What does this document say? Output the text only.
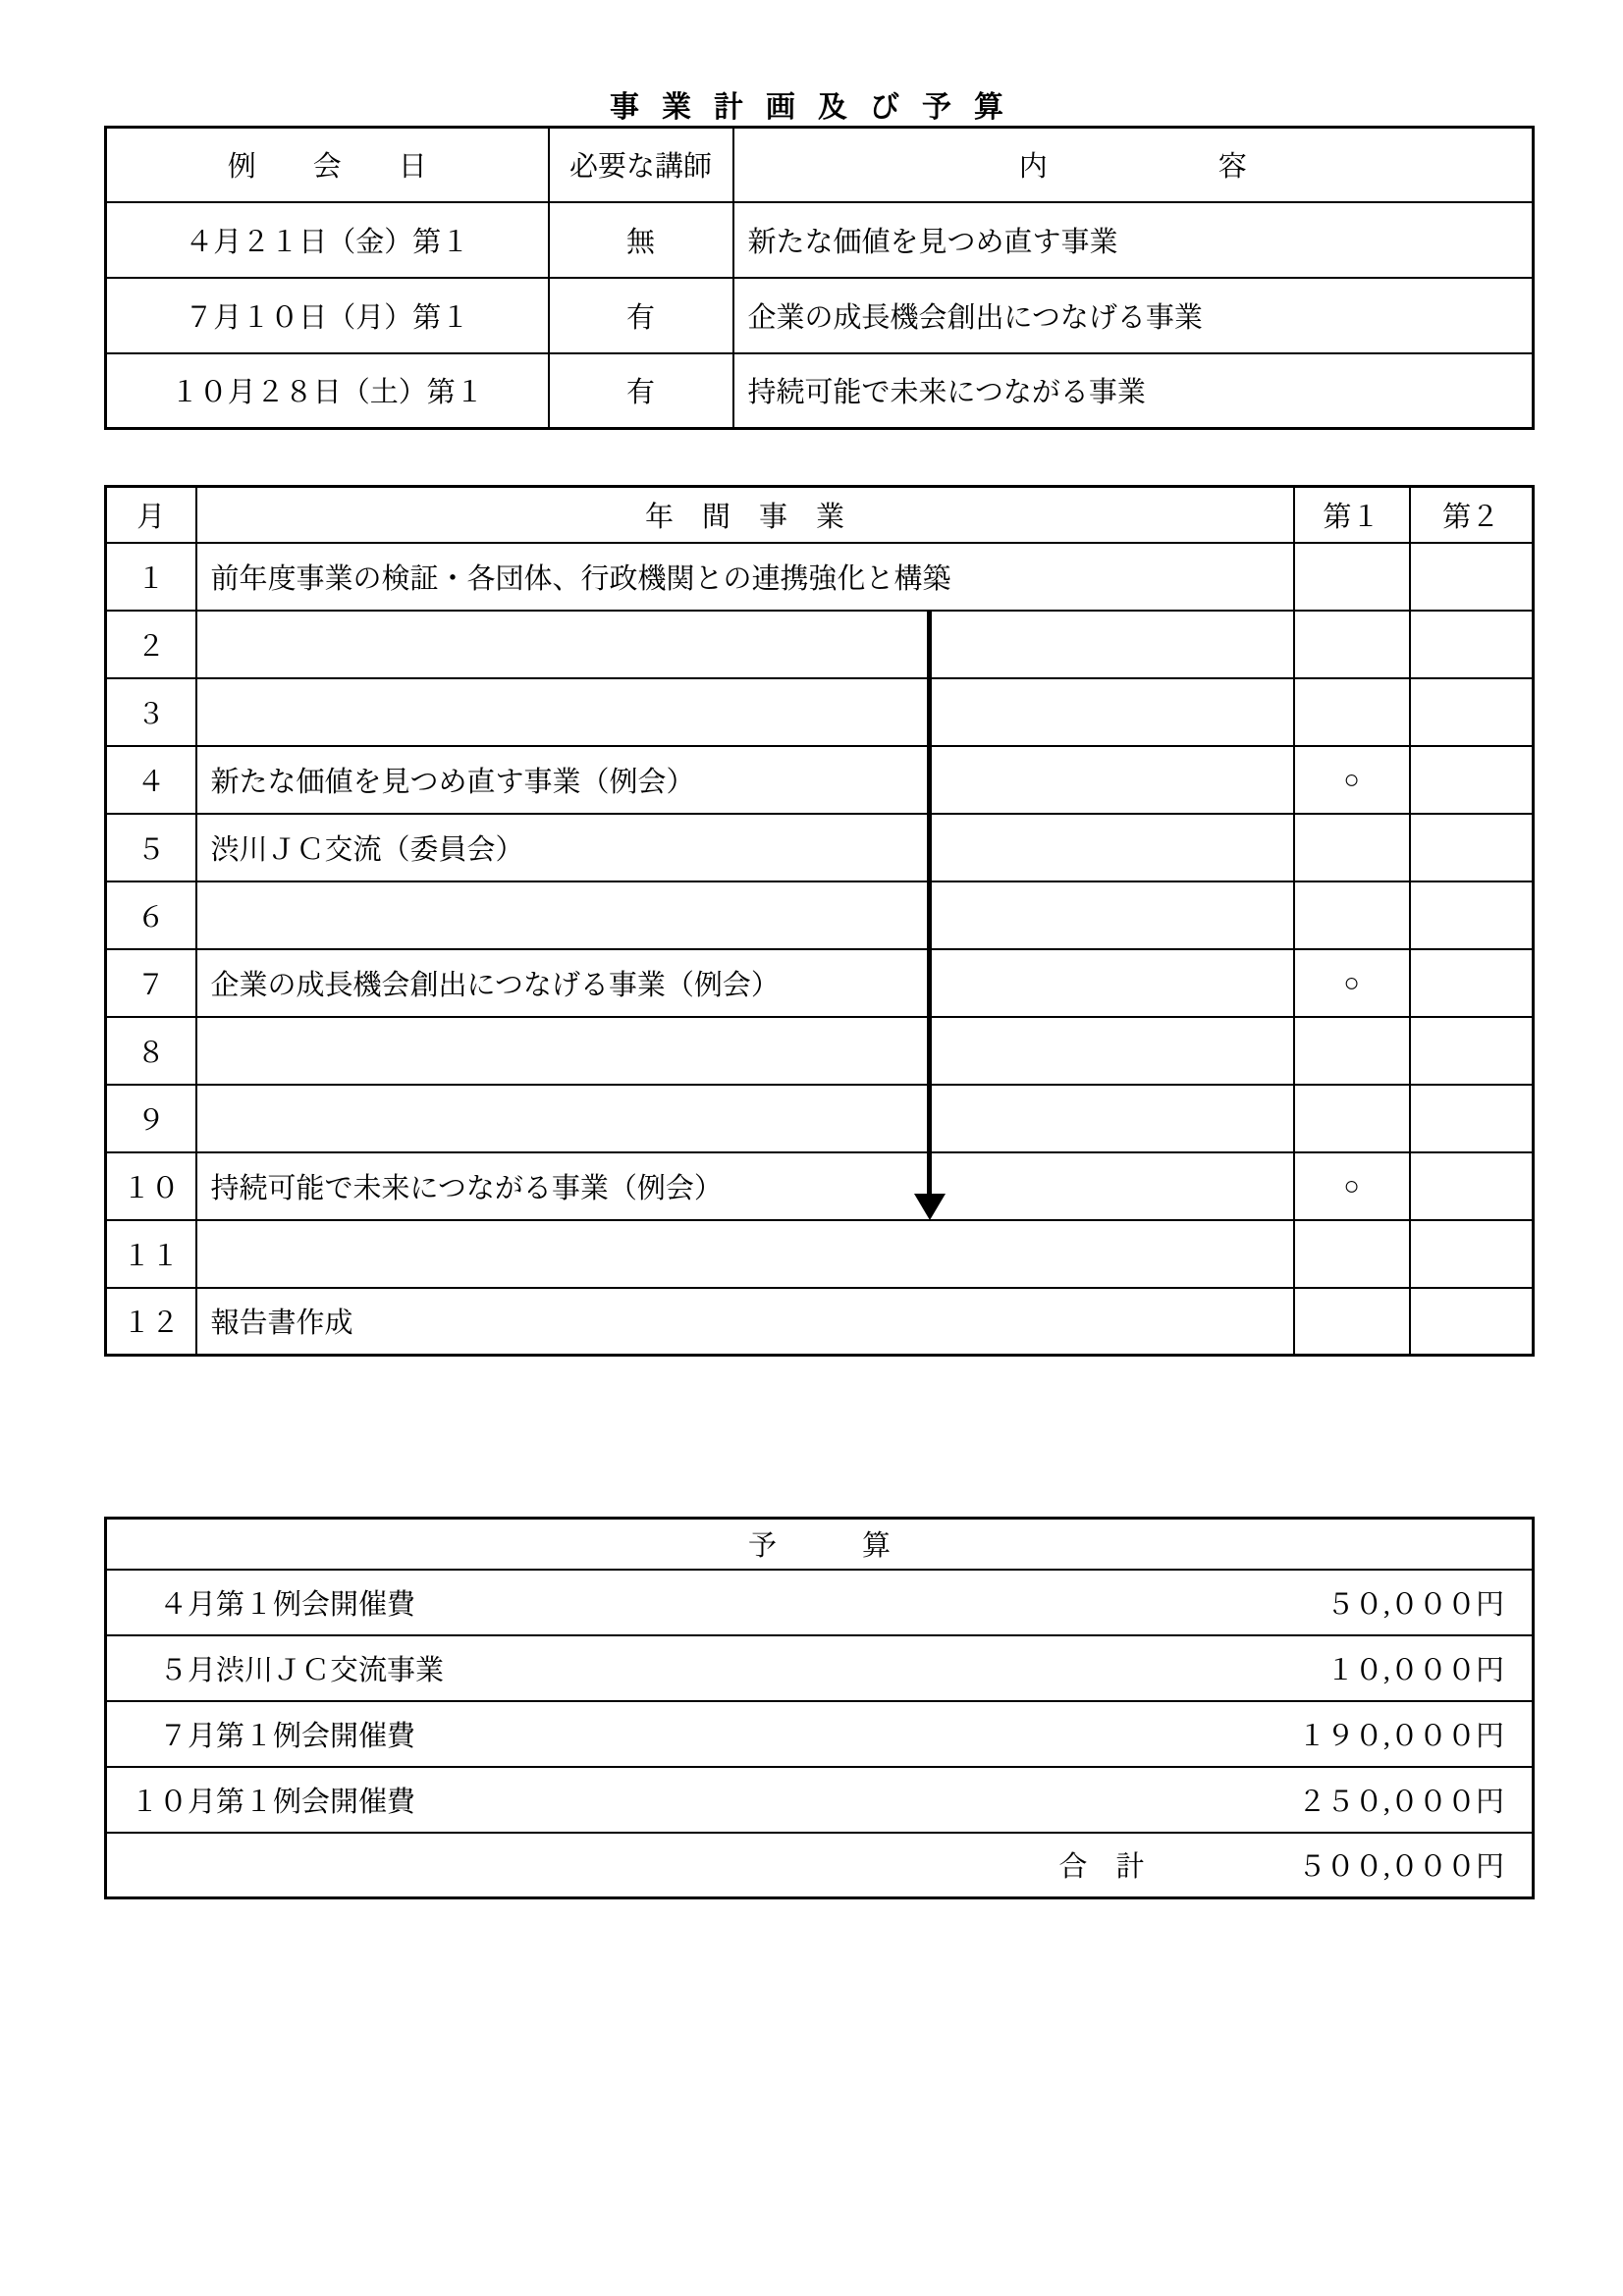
事業計画及び予算
例　　会　　日	必要な講師	内　　　　　　容
４月２１日（金）第１	無	新たな価値を見つめ直す事業
７月１０日（月）第１	有	企業の成長機会創出につなげる事業
１０月２８日（土）第１	有	持続可能で未来につながる事業
月	年　間　事　業	第１	第２
１	前年度事業の検証・各団体、行政機関との連携強化と構築		
２			
３			
４	新たな価値を見つめ直す事業（例会）	○	
５	渋川ＪＣ交流（委員会）		
６			
７	企業の成長機会創出につなげる事業（例会）	○	
８			
９			
１０	持続可能で未来につながる事業（例会）	○	
１１			
１２	報告書作成		
予　　　算	
　４月第１例会開催費	５０,０００円
　５月渋川ＪＣ交流事業	１０,０００円
　７月第１例会開催費	１９０,０００円
１０月第１例会開催費	２５０,０００円
合　計	５００,０００円
